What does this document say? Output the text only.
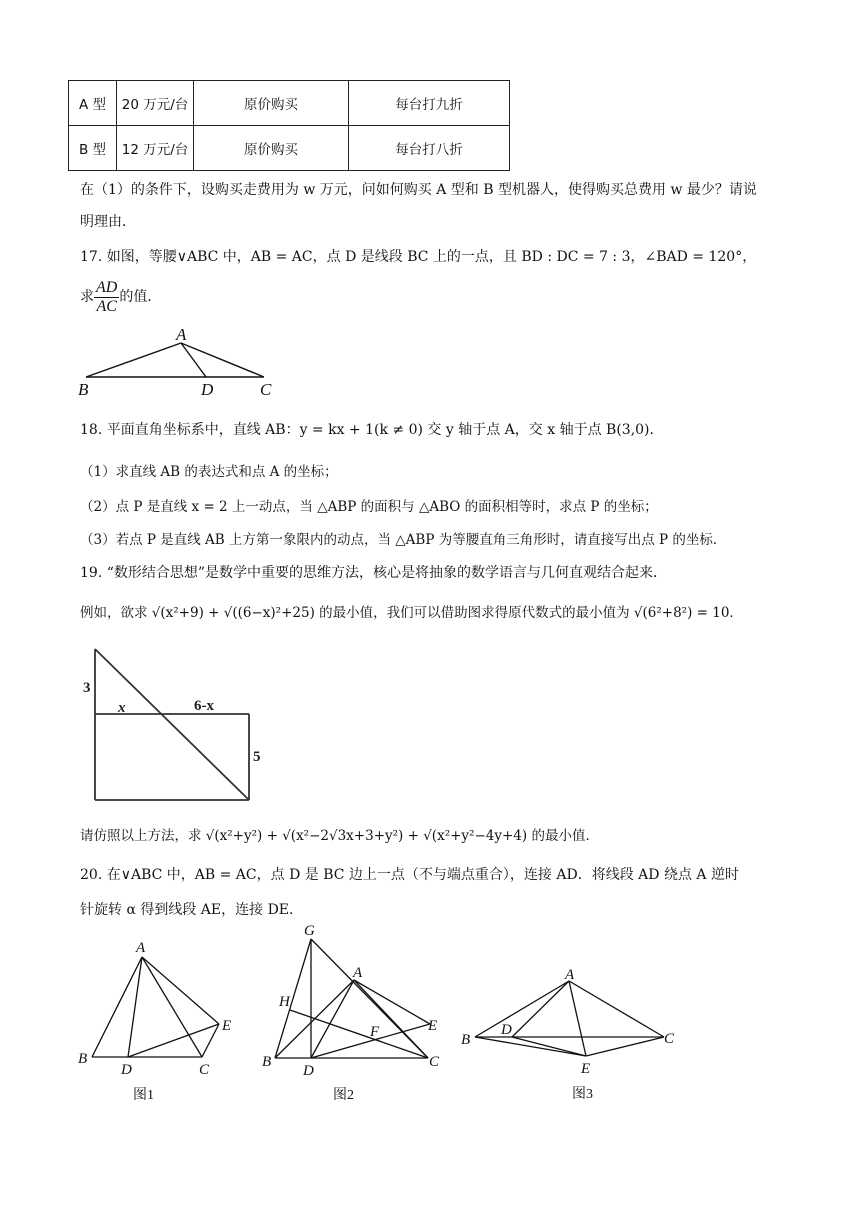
A 型	20 万元/台	原价购买	每台打九折
B 型	12 万元/台	原价购买	每台打八折
在（1）的条件下，设购买走费用为 w 万元，问如何购买 A 型和 B 型机器人，使得购买总费用 w 最少？请说
明理由．
17. 如图，等腰∨ABC 中，AB = AC，点 D 是线段 BC 上的一点，且 BD : DC = 7 : 3，∠BAD = 120°，
求 $\frac{AD}{AC}$ 的值．
A
B	D	C
18. 平面直角坐标系中，直线 AB：y = kx + 1(k ≠ 0) 交 y 轴于点 A，交 x 轴于点 B(3,0)．
（1）求直线 AB 的表达式和点 A 的坐标；
（2）点 P 是直线 x = 2 上一动点，当 △ABP 的面积与 △ABO 的面积相等时，求点 P 的坐标；
（3）若点 P 是直线 AB 上方第一象限内的动点，当 △ABP 为等腰直角三角形时，请直接写出点 P 的坐标．
19. “数形结合思想”是数学中重要的思维方法，核心是将抽象的数学语言与几何直观结合起来．
例如，欲求 √(x²+9) + √((6−x)²+25) 的最小值，我们可以借助图求得原代数式的最小值为 √(6²+8²) = 10．
3
x	6-x
5
请仿照以上方法，求 √(x²+y²) + √(x²−2√3x+3+y²) + √(x²+y²−4y+4) 的最小值．
20. 在∨ABC 中，AB = AC，点 D 是 BC 边上一点（不与端点重合），连接 AD．将线段 AD 绕点 A 逆时
针旋转 α 得到线段 AE，连接 DE．
A
B
D	C
E
图1
G
A
H
F	E
B
D
C
图2
A
B
D
C
E
图3
